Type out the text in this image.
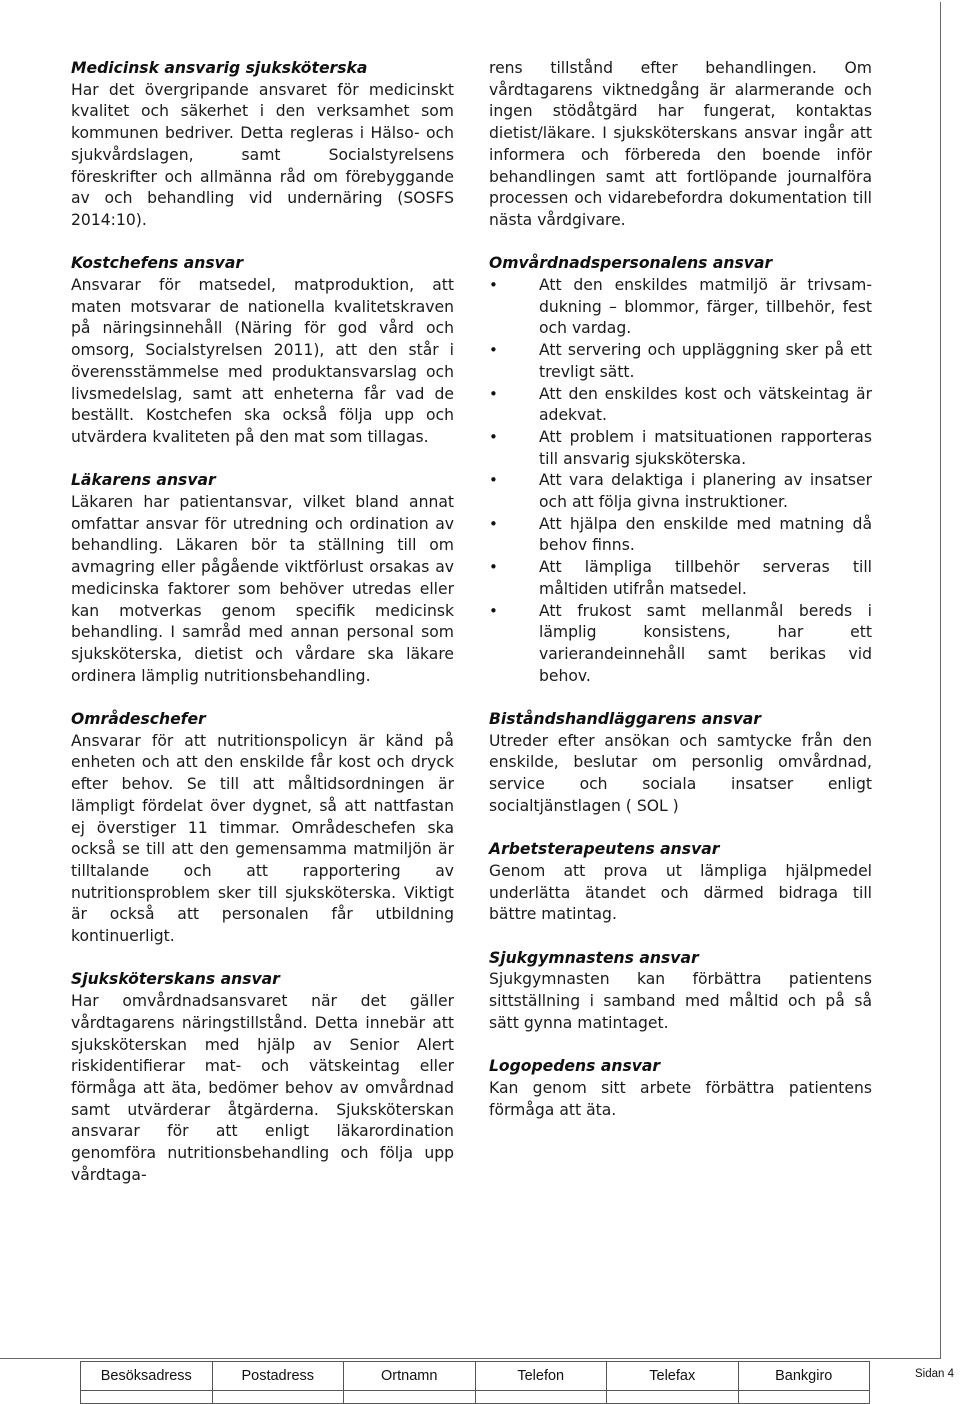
Medicinsk ansvarig sjuksköterska

Har det övergripande ansvaret för medicinskt kvalitet och säkerhet i den verksamhet som kommunen bedriver. Detta regleras i Hälso- och sjukvårdslagen, samt Socialstyrelsens föreskrifter och allmänna råd om förebyggande av och behandling vid undernäring (SOSFS 2014:10).

Kostchefens ansvar

Ansvarar för matsedel, matproduktion, att maten motsvarar de nationella kvalitetskraven på näringsinnehåll (Näring för god vård och omsorg, Socialstyrelsen 2011), att den står i överensstämmelse med produktansvarslag och livsmedelslag, samt att enheterna får vad de beställt. Kostchefen ska också följa upp och utvärdera kvaliteten på den mat som tillagas.

Läkarens ansvar

Läkaren har patientansvar, vilket bland annat omfattar ansvar för utredning och ordination av behandling. Läkaren bör ta ställning till om avmagring eller pågående viktförlust orsakas av medicinska faktorer som behöver utredas eller kan motverkas genom specifik medicinsk behandling. I samråd med annan personal som sjuksköterska, dietist och vårdare ska läkare ordinera lämplig nutritionsbehandling.

Områdeschefer

Ansvarar för att nutritionspolicyn är känd på enheten och att den enskilde får kost och dryck efter behov. Se till att måltidsordningen är lämpligt fördelat över dygnet, så att nattfastan ej överstiger 11 timmar. Områdeschefen ska också se till att den gemensamma matmiljön är tilltalande och att rapportering av nutritionsproblem sker till sjuksköterska. Viktigt är också att personalen får utbildning kontinuerligt.

Sjuksköterskans ansvar

Har omvårdnadsansvaret när det gäller vårdtagarens näringstillstånd. Detta innebär att sjuksköterskan med hjälp av Senior Alert riskidentifierar mat- och vätskeintag eller förmåga att äta, bedömer behov av omvårdnad samt utvärderar åtgärderna. Sjuksköterskan ansvarar för att enligt läkarordination genomföra nutritionsbehandling och följa upp vårdtaga-

rens tillstånd efter behandlingen. Om vårdtagarens viktnedgång är alarmerande och ingen stödåtgärd har fungerat, kontaktas dietist/läkare. I sjuksköterskans ansvar ingår att informera och förbereda den boende inför behandlingen samt att fortlöpande journalföra processen och vidarebefordra dokumentation till nästa vårdgivare.

Omvårdnadspersonalens ansvar
• Att den enskildes matmiljö är trivsam- dukning – blommor, färger, tillbehör, fest och vardag.
• Att servering och uppläggning sker på ett trevligt sätt.
• Att den enskildes kost och vätskeintag är adekvat.
• Att problem i matsituationen rapporteras till ansvarig sjuksköterska.
• Att vara delaktiga i planering av insatser och att följa givna instruktioner.
• Att hjälpa den enskilde med matning då behov finns.
• Att lämpliga tillbehör serveras till måltiden utifrån matsedel.
• Att frukost samt mellanmål bereds i lämplig konsistens, har ett varierandeinnehåll samt berikas vid behov.
Biståndshandläggarens ansvar

Utreder efter ansökan och samtycke från den enskilde, beslutar om personlig omvårdnad, service och sociala insatser enligt socialtjänstlagen ( SOL )

Arbetsterapeutens ansvar

Genom att prova ut lämpliga hjälpmedel underlätta ätandet och därmed bidraga till bättre matintag.

Sjukgymnastens ansvar

Sjukgymnasten kan förbättra patientens sittställning i samband med måltid och på så sätt gynna matintaget.

Logopedens ansvar

Kan genom sitt arbete förbättra patientens förmåga att äta.

Besöksadress	Postadress	Ortnamn	Telefon	Telefax	Bankgiro
						Sidan 4
